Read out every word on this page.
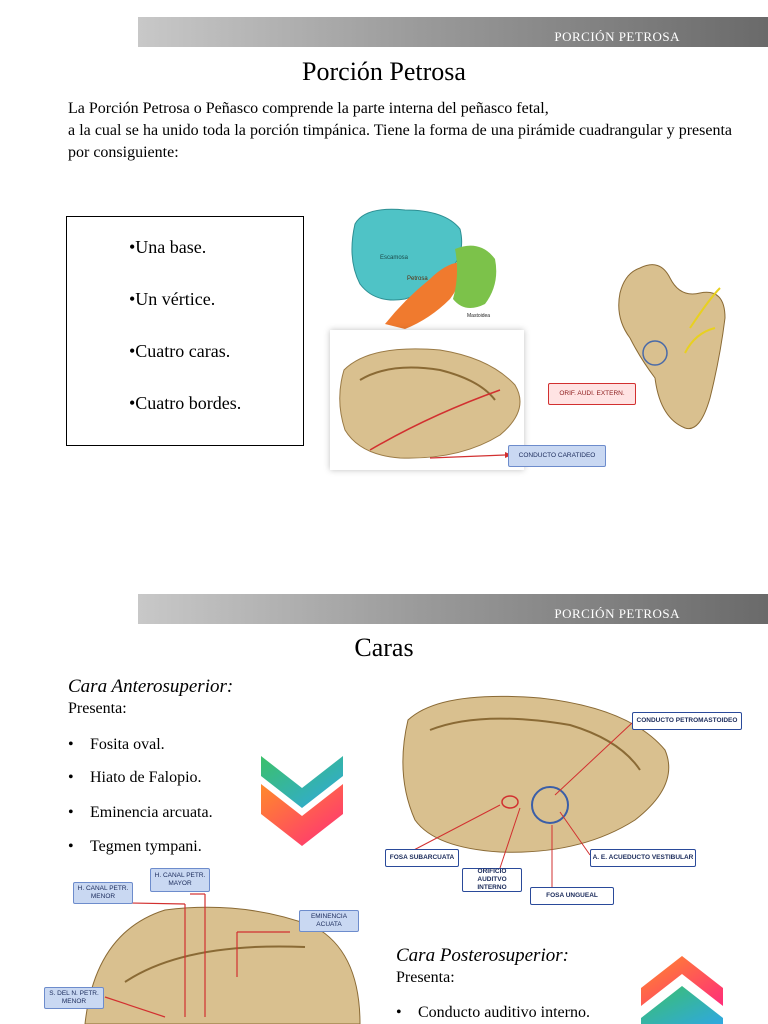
PORCIÓN PETROSA
Porción Petrosa
La Porción Petrosa o Peñasco comprende la parte interna del peñasco fetal,
a la cual se ha unido toda la porción timpánica. Tiene la forma de una pirámide cuadrangular y presenta por consiguiente:
•Una base.
•Un vértice.
•Cuatro caras.
•Cuatro bordes.
Escamosa
Petrosa
Mastoidea
CONDUCTO CARATIDEO
ORIF. AUDI. EXTERN.
PORCIÓN PETROSA
Caras
Cara Anterosuperior:
Presenta:
• Fosita oval.
• Hiato de Falopio.
• Eminencia arcuata.
• Tegmen tympani.
CONDUCTO PETROMASTOIDEO
FOSA SUBARCUATA
ORIFICIO AUDITVO INTERNO
A. E. ACUEDUCTO VESTIBULAR
FOSA UNGUEAL
H. CANAL PETR. MENOR
H. CANAL PETR. MAYOR
EMINENCIA ACUATA
S. DEL N. PETR. MENOR
Cara Posterosuperior:
Presenta:
• Conducto auditivo interno.
